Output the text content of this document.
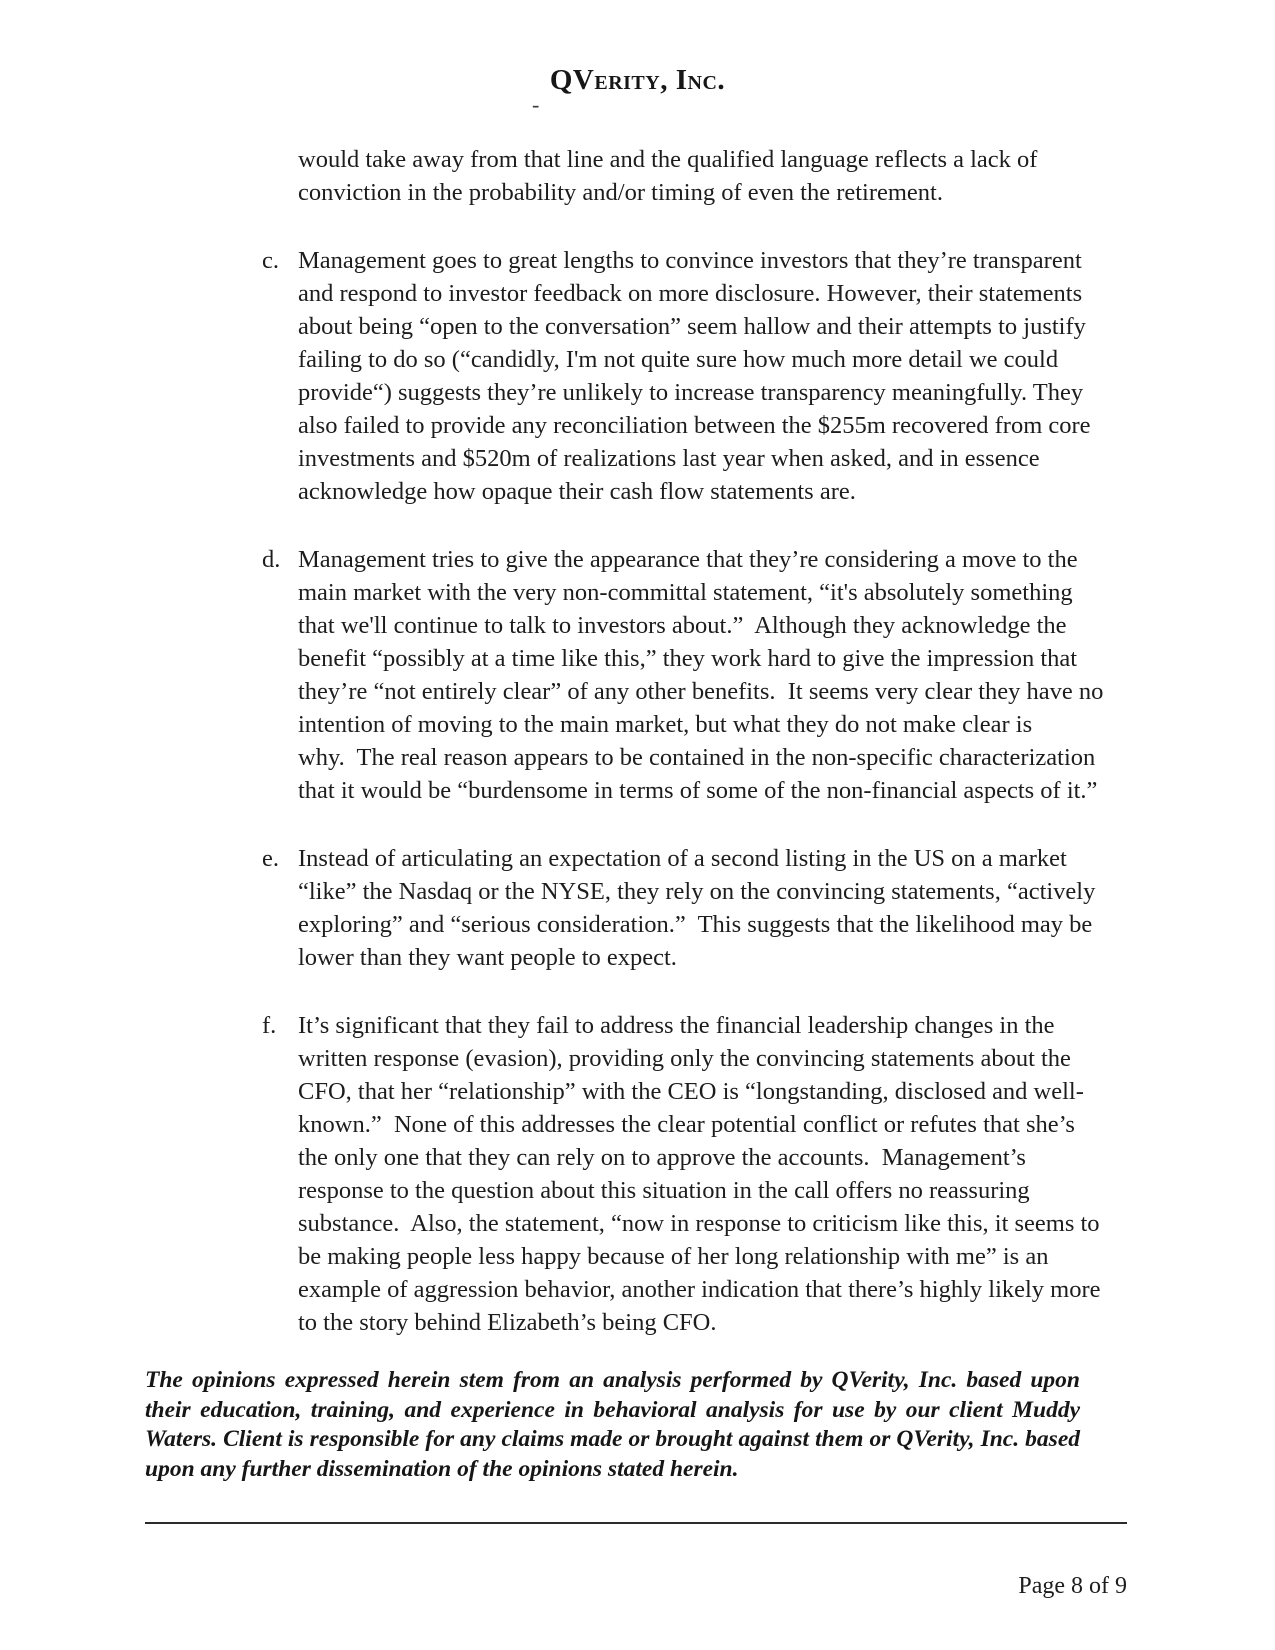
QVerity, Inc.
-
would take away from that line and the qualified language reflects a lack of
conviction in the probability and/or timing of even the retirement.
c. Management goes to great lengths to convince investors that they’re transparent
and respond to investor feedback on more disclosure. However, their statements
about being “open to the conversation” seem hallow and their attempts to justify
failing to do so (“candidly, I'm not quite sure how much more detail we could
provide“) suggests they’re unlikely to increase transparency meaningfully. They
also failed to provide any reconciliation between the $255m recovered from core
investments and $520m of realizations last year when asked, and in essence
acknowledge how opaque their cash flow statements are.
d. Management tries to give the appearance that they’re considering a move to the
main market with the very non-committal statement, “it's absolutely something
that we'll continue to talk to investors about.”  Although they acknowledge the
benefit “possibly at a time like this,” they work hard to give the impression that
they’re “not entirely clear” of any other benefits.  It seems very clear they have no
intention of moving to the main market, but what they do not make clear is
why.  The real reason appears to be contained in the non-specific characterization
that it would be “burdensome in terms of some of the non-financial aspects of it.”
e. Instead of articulating an expectation of a second listing in the US on a market
“like” the Nasdaq or the NYSE, they rely on the convincing statements, “actively
exploring” and “serious consideration.”  This suggests that the likelihood may be
lower than they want people to expect.
f. It’s significant that they fail to address the financial leadership changes in the
written response (evasion), providing only the convincing statements about the
CFO, that her “relationship” with the CEO is “longstanding, disclosed and well-
known.”  None of this addresses the clear potential conflict or refutes that she’s
the only one that they can rely on to approve the accounts.  Management’s
response to the question about this situation in the call offers no reassuring
substance.  Also, the statement, “now in response to criticism like this, it seems to
be making people less happy because of her long relationship with me” is an
example of aggression behavior, another indication that there’s highly likely more
to the story behind Elizabeth’s being CFO.
The opinions expressed herein stem from an analysis performed by QVerity, Inc. based upon
their education, training, and experience in behavioral analysis for use by our client Muddy
Waters. Client is responsible for any claims made or brought against them or QVerity, Inc. based
upon any further dissemination of the opinions stated herein.
Page 8 of 9
